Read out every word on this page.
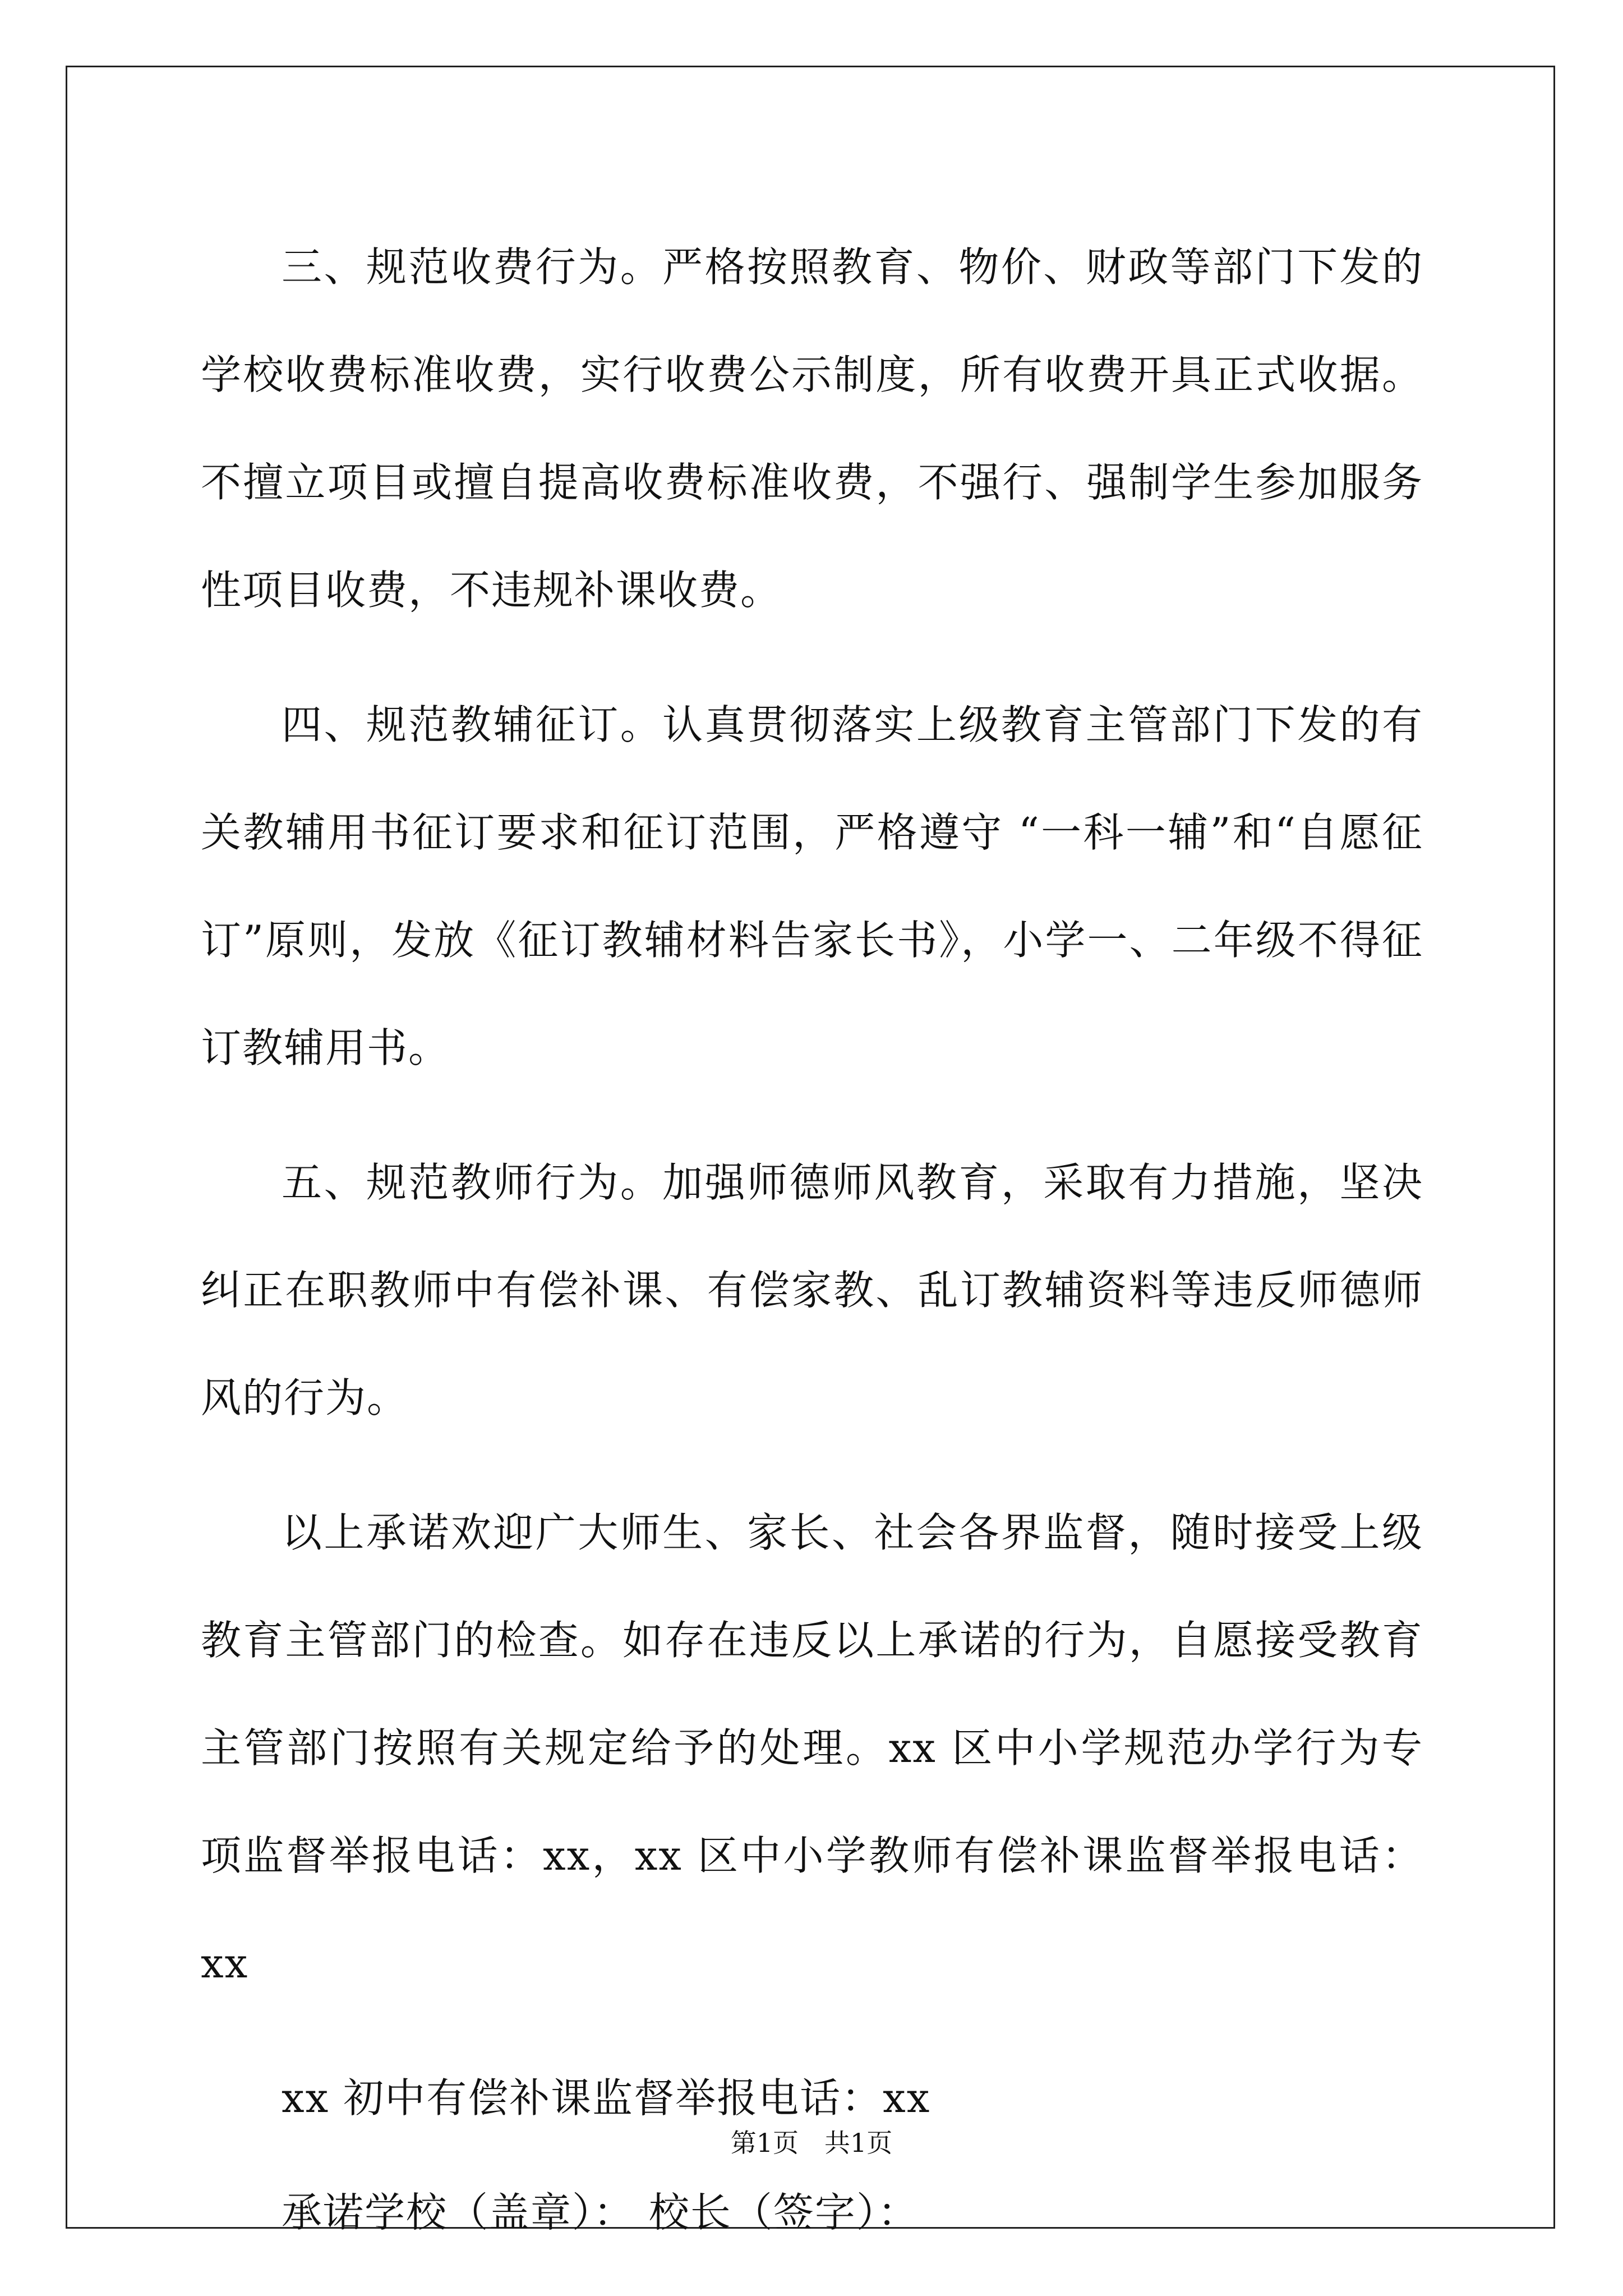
三、规范收费行为。严格按照教育、物价、财政等部门下发的学校收费标准收费，实行收费公示制度，所有收费开具正式收据。不擅立项目或擅自提高收费标准收费，不强行、强制学生参加服务性项目收费，不违规补课收费。

四、规范教辅征订。认真贯彻落实上级教育主管部门下发的有关教辅用书征订要求和征订范围，严格遵守 “一科一辅”和“自愿征订”原则，发放《征订教辅材料告家长书》，小学一、二年级不得征订教辅用书。

五、规范教师行为。加强师德师风教育，采取有力措施，坚决纠正在职教师中有偿补课、有偿家教、乱订教辅资料等违反师德师风的行为。

以上承诺欢迎广大师生、家长、社会各界监督，随时接受上级教育主管部门的检查。如存在违反以上承诺的行为，自愿接受教育主管部门按照有关规定给予的处理。xx 区中小学规范办学行为专项监督举报电话：xx，xx 区中小学教师有偿补课监督举报电话：xx

xx 初中有偿补课监督举报电话：xx

承诺学校（盖章）： 校长（签字）：

第1页 共1页
